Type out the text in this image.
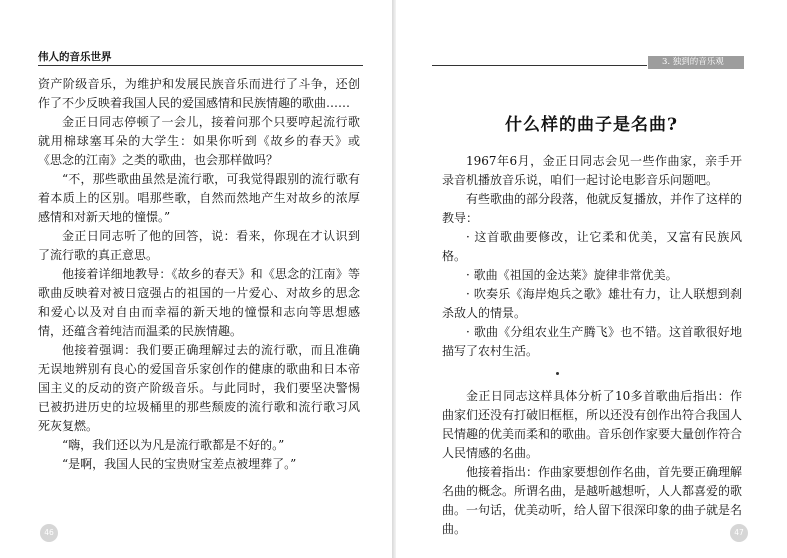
伟人的音乐世界

资产阶级音乐，为维护和发展民族音乐而进行了斗争，还创作了不少反映着我国人民的爱国感情和民族情趣的歌曲……

金正日同志停顿了一会儿，接着问那个只要哼起流行歌就用棉球塞耳朵的大学生：如果你听到《故乡的春天》或《思念的江南》之类的歌曲，也会那样做吗？

“不，那些歌曲虽然是流行歌，可我觉得跟别的流行歌有着本质上的区别。唱那些歌，自然而然地产生对故乡的浓厚感情和对新天地的憧憬。”

金正日同志听了他的回答，说：看来，你现在才认识到了流行歌的真正意思。

他接着详细地教导：《故乡的春天》和《思念的江南》等歌曲反映着对被日寇强占的祖国的一片爱心、对故乡的思念和爱心以及对自由而幸福的新天地的憧憬和志向等思想感情，还蕴含着纯洁而温柔的民族情趣。

他接着强调：我们要正确理解过去的流行歌，而且准确无误地辨别有良心的爱国音乐家创作的健康的歌曲和日本帝国主义的反动的资产阶级音乐。与此同时，我们要坚决警惕已被扔进历史的垃圾桶里的那些颓废的流行歌和流行歌习风死灰复燃。

“嗨，我们还以为凡是流行歌都是不好的。”

“是啊，我国人民的宝贵财宝差点被埋葬了。”

46
3. 独到的音乐观
什么样的曲子是名曲?

1967年6月，金正日同志会见一些作曲家，亲手开录音机播放音乐说，咱们一起讨论电影音乐问题吧。

有些歌曲的部分段落，他就反复播放，并作了这样的教导：

· 这首歌曲要修改，让它柔和优美，又富有民族风格。

· 歌曲《祖国的金达莱》旋律非常优美。

· 吹奏乐《海岸炮兵之歌》雄壮有力，让人联想到刹杀敌人的情景。

· 歌曲《分组农业生产腾飞》也不错。这首歌很好地描写了农村生活。

金正日同志这样具体分析了10多首歌曲后指出：作曲家们还没有打破旧框框，所以还没有创作出符合我国人民情趣的优美而柔和的歌曲。音乐创作家要大量创作符合人民情感的名曲。

他接着指出：作曲家要想创作名曲，首先要正确理解名曲的概念。所谓名曲，是越听越想听，人人都喜爱的歌曲。一句话，优美动听，给人留下很深印象的曲子就是名曲。	47
